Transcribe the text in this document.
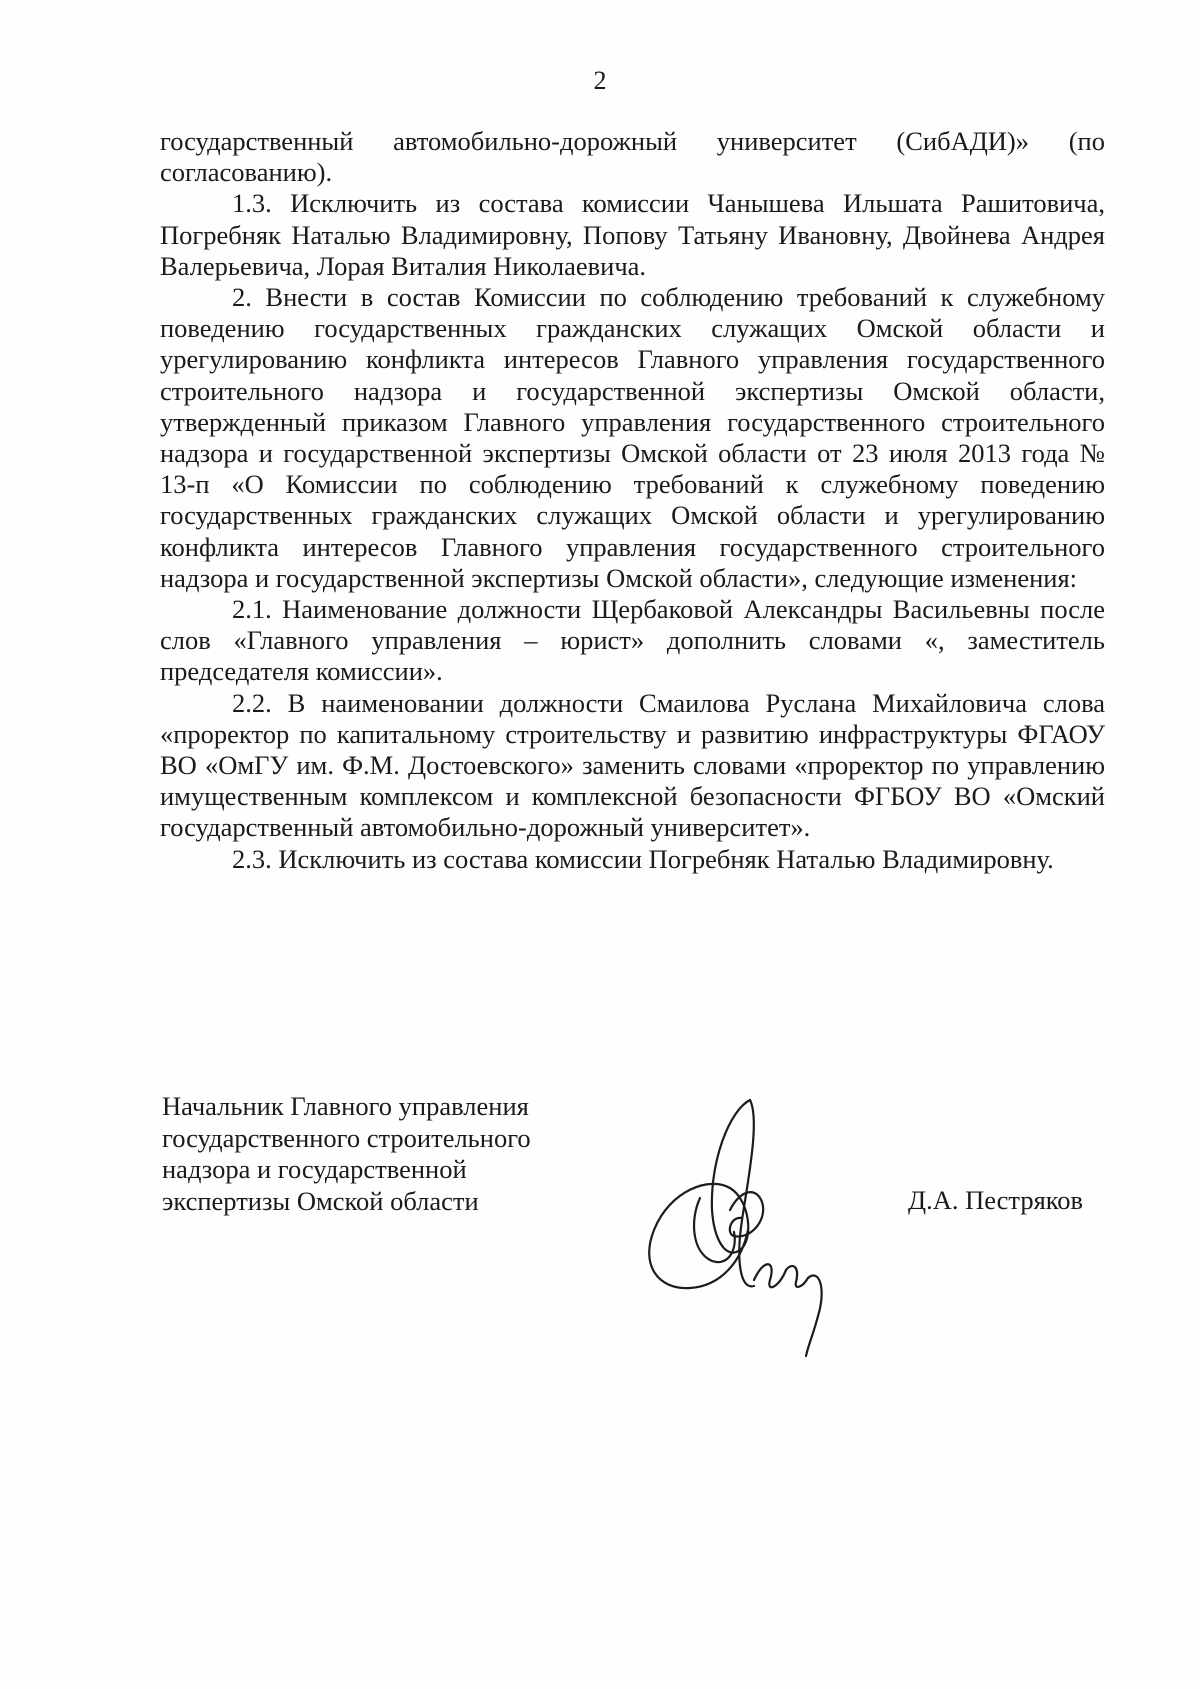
2

государственный автомобильно-дорожный университет (СибАДИ)» (по согласованию).

1.3. Исключить из состава комиссии Чанышева Ильшата Рашитовича, Погребняк Наталью Владимировну, Попову Татьяну Ивановну, Двойнева Андрея Валерьевича, Лорая Виталия Николаевича.

2. Внести в состав Комиссии по соблюдению требований к служебному поведению государственных гражданских служащих Омской области и урегулированию конфликта интересов Главного управления государственного строительного надзора и государственной экспертизы Омской области, утвержденный приказом Главного управления государственного строительного надзора и государственной экспертизы Омской области от 23 июля 2013 года № 13-п «О Комиссии по соблюдению требований к служебному поведению государственных гражданских служащих Омской области и урегулированию конфликта интересов Главного управления государственного строительного надзора и государственной экспертизы Омской области», следующие изменения:

2.1. Наименование должности Щербаковой Александры Васильевны после слов «Главного управления – юрист» дополнить словами «, заместитель председателя комиссии».

2.2. В наименовании должности Смаилова Руслана Михайловича слова «проректор по капитальному строительству и развитию инфраструктуры ФГАОУ ВО «ОмГУ им. Ф.М. Достоевского» заменить словами «проректор по управлению имущественным комплексом и комплексной безопасности ФГБОУ ВО «Омский государственный автомобильно-дорожный университет».

2.3. Исключить из состава комиссии Погребняк Наталью Владимировну.

Начальник Главного управления
государственного строительного
надзора и государственной
экспертизы Омской области	Д.А. Пестряков
